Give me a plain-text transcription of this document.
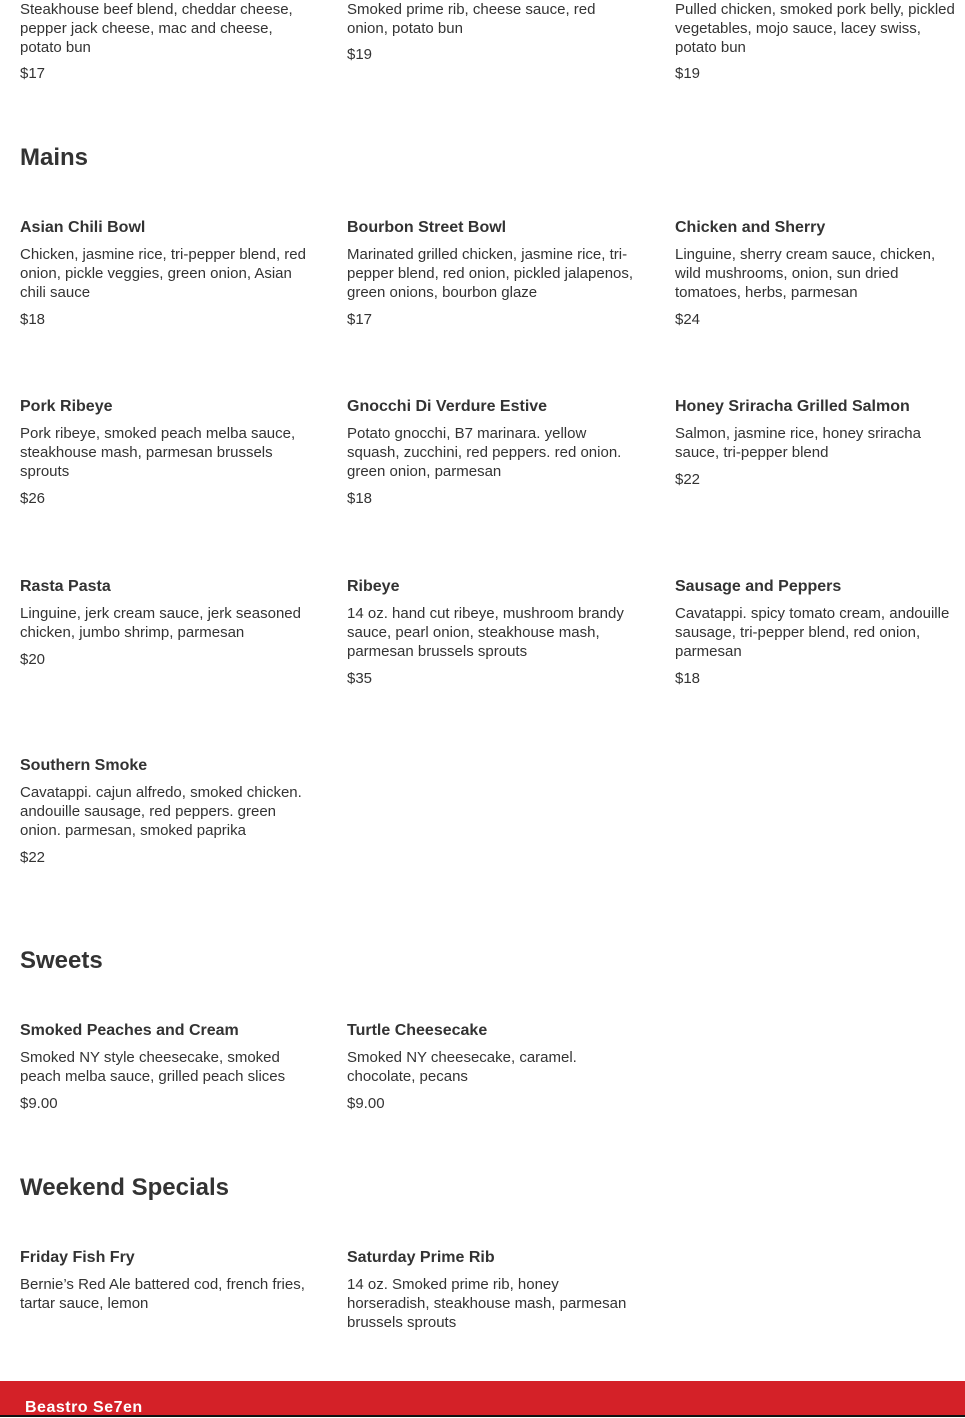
Steakhouse beef blend, cheddar cheese, pepper jack cheese, mac and cheese, potato bun
$17
Smoked prime rib, cheese sauce, red onion, potato bun
$19
Pulled chicken, smoked pork belly, pickled vegetables, mojo sauce, lacey swiss, potato bun
$19
Mains
Asian Chili Bowl
Chicken, jasmine rice, tri-pepper blend, red onion, pickle veggies, green onion, Asian chili sauce
$18
Bourbon Street Bowl
Marinated grilled chicken, jasmine rice, tri-pepper blend, red onion, pickled jalapenos, green onions, bourbon glaze
$17
Chicken and Sherry
Linguine, sherry cream sauce, chicken, wild mushrooms, onion, sun dried tomatoes, herbs, parmesan
$24
Pork Ribeye
Pork ribeye, smoked peach melba sauce, steakhouse mash, parmesan brussels sprouts
$26
Gnocchi Di Verdure Estive
Potato gnocchi, B7 marinara. yellow squash, zucchini, red peppers. red onion. green onion, parmesan
$18
Honey Sriracha Grilled Salmon
Salmon, jasmine rice, honey sriracha sauce, tri-pepper blend
$22
Rasta Pasta
Linguine, jerk cream sauce, jerk seasoned chicken, jumbo shrimp, parmesan
$20
Ribeye
14 oz. hand cut ribeye, mushroom brandy sauce, pearl onion, steakhouse mash, parmesan brussels sprouts
$35
Sausage and Peppers
Cavatappi. spicy tomato cream, andouille sausage, tri-pepper blend, red onion, parmesan
$18
Southern Smoke
Cavatappi. cajun alfredo, smoked chicken. andouille sausage, red peppers. green onion. parmesan, smoked paprika
$22
Sweets
Smoked Peaches and Cream
Smoked NY style cheesecake, smoked peach melba sauce, grilled peach slices
$9.00
Turtle Cheesecake
Smoked NY cheesecake, caramel. chocolate, pecans
$9.00
Weekend Specials
Friday Fish Fry
Bernie’s Red Ale battered cod, french fries, tartar sauce, lemon
Saturday Prime Rib
14 oz. Smoked prime rib, honey horseradish, steakhouse mash, parmesan brussels sprouts
Beastro Se7en
